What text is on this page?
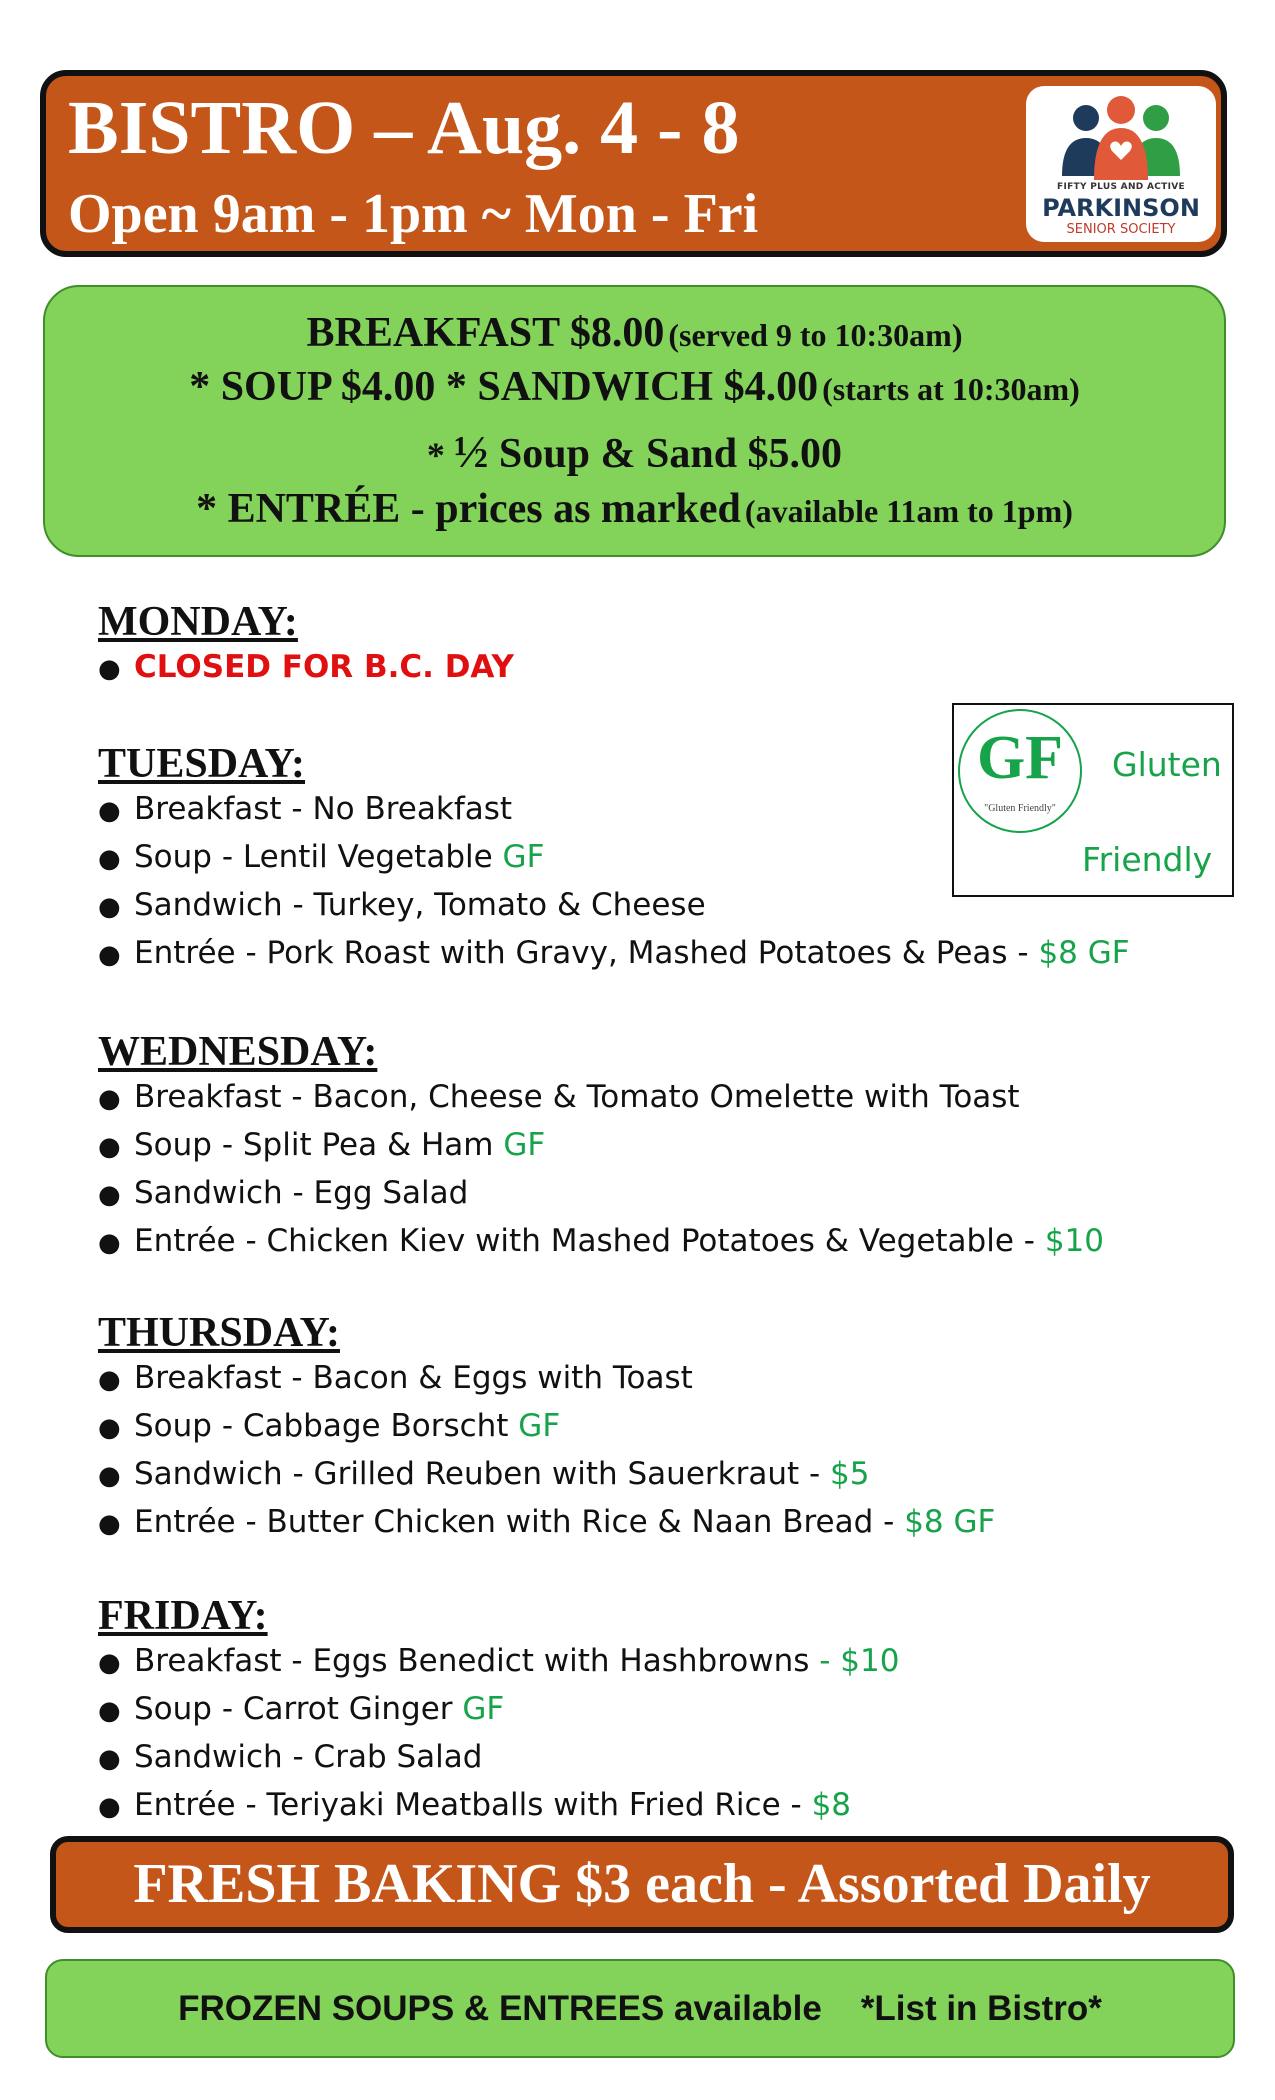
BISTRO – Aug. 4 - 8
Open 9am - 1pm ~ Mon - Fri	FIFTY PLUS AND ACTIVE
PARKINSON
SENIOR SOCIETY
BREAKFAST $8.00 (served 9 to 10:30am)
* SOUP $4.00 * SANDWICH $4.00 (starts at 10:30am)
* ½ Soup & Sand $5.00
* ENTRÉE - prices as marked (available 11am to 1pm)
MONDAY:
● CLOSED FOR B.C. DAY
GF
"Gluten Friendly"
Gluten
Friendly
TUESDAY:
● Breakfast - No Breakfast
● Soup - Lentil Vegetable GF
● Sandwich - Turkey, Tomato & Cheese
● Entrée - Pork Roast with Gravy, Mashed Potatoes & Peas - $8 GF
WEDNESDAY:
● Breakfast - Bacon, Cheese & Tomato Omelette with Toast
● Soup - Split Pea & Ham GF
● Sandwich - Egg Salad
● Entrée - Chicken Kiev with Mashed Potatoes & Vegetable - $10
THURSDAY:
● Breakfast - Bacon & Eggs with Toast
● Soup - Cabbage Borscht GF
● Sandwich - Grilled Reuben with Sauerkraut - $5
● Entrée - Butter Chicken with Rice & Naan Bread - $8 GF
FRIDAY:
● Breakfast - Eggs Benedict with Hashbrowns - $10
● Soup - Carrot Ginger GF
● Sandwich - Crab Salad
● Entrée - Teriyaki Meatballs with Fried Rice - $8
FRESH BAKING $3 each - Assorted Daily
FROZEN SOUPS & ENTREES available    *List in Bistro*
